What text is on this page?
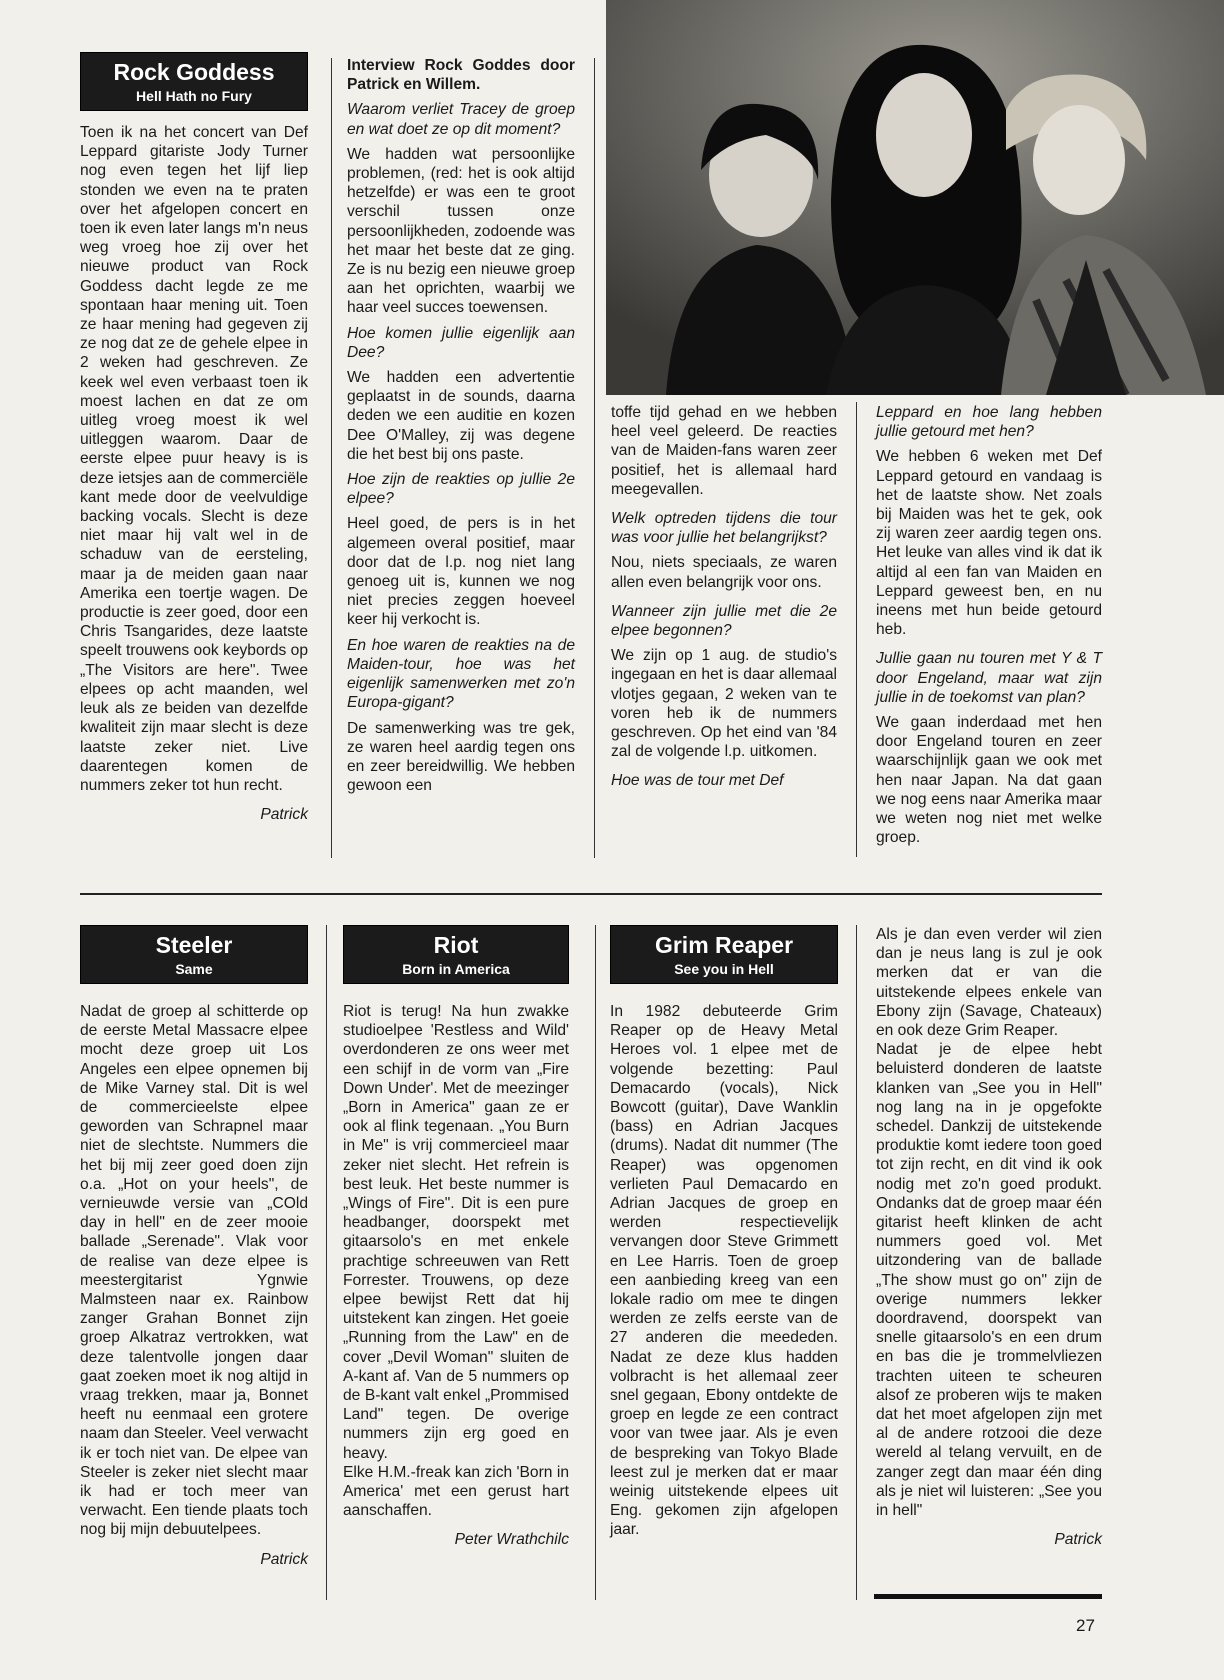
Rock Goddess
Hell Hath no Fury

Toen ik na het concert van Def Leppard gitariste Jody Turner nog even tegen het lijf liep stonden we even na te praten over het afgelopen concert en toen ik even later langs m'n neus weg vroeg hoe zij over het nieuwe product van Rock Goddess dacht legde ze me spontaan haar mening uit. Toen ze haar mening had gegeven zij ze nog dat ze de gehele elpee in 2 weken had geschreven. Ze keek wel even verbaast toen ik moest lachen en dat ze om uitleg vroeg moest ik wel uitleggen waarom. Daar de eerste elpee puur heavy is is deze ietsjes aan de commerciële kant mede door de veelvuldige backing vocals. Slecht is deze niet maar hij valt wel in de schaduw van de eersteling, maar ja de meiden gaan naar Amerika een toertje wagen. De productie is zeer goed, door een Chris Tsangarides, deze laatste speelt trouwens ook keybords op „The Visitors are here". Twee elpees op acht maanden, wel leuk als ze beiden van dezelfde kwaliteit zijn maar slecht is deze laatste zeker niet. Live daarentegen komen de nummers zeker tot hun recht.

Patrick

Interview Rock Goddes door Patrick en Willem.

Waarom verliet Tracey de groep en wat doet ze op dit moment?

We hadden wat persoonlijke problemen, (red: het is ook altijd hetzelfde) er was een te groot verschil tussen onze persoonlijkheden, zodoende was het maar het beste dat ze ging. Ze is nu bezig een nieuwe groep aan het oprichten, waarbij we haar veel succes toewensen.

Hoe komen jullie eigenlijk aan Dee?

We hadden een advertentie geplaatst in de sounds, daarna deden we een auditie en kozen Dee O'Malley, zij was degene die het best bij ons paste.

Hoe zijn de reakties op jullie 2e elpee?

Heel goed, de pers is in het algemeen overal positief, maar door dat de l.p. nog niet lang genoeg uit is, kunnen we nog niet precies zeggen hoeveel keer hij verkocht is.

En hoe waren de reakties na de Maiden-tour, hoe was het eigenlijk samenwerken met zo'n Europa-gigant?

De samenwerking was tre gek, ze waren heel aardig tegen ons en zeer bereidwillig. We hebben gewoon een

toffe tijd gehad en we hebben heel veel geleerd. De reacties van de Maiden-fans waren zeer positief, het is allemaal hard meegevallen.

Welk optreden tijdens die tour was voor jullie het belangrijkst?

Nou, niets speciaals, ze waren allen even belangrijk voor ons.

Wanneer zijn jullie met die 2e elpee begonnen?

We zijn op 1 aug. de studio's ingegaan en het is daar allemaal vlotjes gegaan, 2 weken van te voren heb ik de nummers geschreven. Op het eind van '84 zal de volgende l.p. uitkomen.

Hoe was de tour met Def

Leppard en hoe lang hebben jullie getourd met hen?

We hebben 6 weken met Def Leppard getourd en vandaag is het de laatste show. Net zoals bij Maiden was het te gek, ook zij waren zeer aardig tegen ons. Het leuke van alles vind ik dat ik altijd al een fan van Maiden en Leppard geweest ben, en nu ineens met hun beide getourd heb.

Jullie gaan nu touren met Y & T door Engeland, maar wat zijn jullie in de toekomst van plan?

We gaan inderdaad met hen door Engeland touren en zeer waarschijnlijk gaan we ook met hen naar Japan. Na dat gaan we nog eens naar Amerika maar we weten nog niet met welke groep.

Steeler
Same

Nadat de groep al schitterde op de eerste Metal Massacre elpee mocht deze groep uit Los Angeles een elpee opnemen bij de Mike Varney stal. Dit is wel de commercieelste elpee geworden van Schrapnel maar niet de slechtste. Nummers die het bij mij zeer goed doen zijn o.a. „Hot on your heels", de vernieuwde versie van „COld day in hell" en de zeer mooie ballade „Serenade". Vlak voor de realise van deze elpee is meestergitarist Ygnwie Malmsteen naar ex. Rainbow zanger Grahan Bonnet zijn groep Alkatraz vertrokken, wat deze talentvolle jongen daar gaat zoeken moet ik nog altijd in vraag trekken, maar ja, Bonnet heeft nu eenmaal een grotere naam dan Steeler. Veel verwacht ik er toch niet van. De elpee van Steeler is zeker niet slecht maar ik had er toch meer van verwacht. Een tiende plaats toch nog bij mijn debuutelpees.

Patrick
Riot
Born in America

Riot is terug! Na hun zwakke studioelpee 'Restless and Wild' overdonderen ze ons weer met een schijf in de vorm van „Fire Down Under'. Met de meezinger „Born in America" gaan ze er ook al flink tegenaan. „You Burn in Me" is vrij commercieel maar zeker niet slecht. Het refrein is best leuk. Het beste nummer is „Wings of Fire". Dit is een pure headbanger, doorspekt met gitaarsolo's en met enkele prachtige schreeuwen van Rett Forrester. Trouwens, op deze elpee bewijst Rett dat hij uitstekent kan zingen. Het goeie „Running from the Law" en de cover „Devil Woman" sluiten de A-kant af. Van de 5 nummers op de B-kant valt enkel „Prommised Land" tegen. De overige nummers zijn erg goed en heavy.

Elke H.M.-freak kan zich 'Born in America' met een gerust hart aanschaffen.

Peter Wrathchilc
Grim Reaper
See you in Hell

In 1982 debuteerde Grim Reaper op de Heavy Metal Heroes vol. 1 elpee met de volgende bezetting: Paul Demacardo (vocals), Nick Bowcott (guitar), Dave Wanklin (bass) en Adrian Jacques (drums). Nadat dit nummer (The Reaper) was opgenomen verlieten Paul Demacardo en Adrian Jacques de groep en werden respectievelijk vervangen door Steve Grimmett en Lee Harris. Toen de groep een aanbieding kreeg van een lokale radio om mee te dingen werden ze zelfs eerste van de 27 anderen die meededen. Nadat ze deze klus hadden volbracht is het allemaal zeer snel gegaan, Ebony ontdekte de groep en legde ze een contract voor van twee jaar. Als je even de bespreking van Tokyo Blade leest zul je merken dat er maar weinig uitstekende elpees uit Eng. gekomen zijn afgelopen jaar.

Als je dan even verder wil zien dan je neus lang is zul je ook merken dat er van die uitstekende elpees enkele van Ebony zijn (Savage, Chateaux) en ook deze Grim Reaper.

Nadat je de elpee hebt beluisterd donderen de laatste klanken van „See you in Hell" nog lang na in je opgefokte schedel. Dankzij de uitstekende produktie komt iedere toon goed tot zijn recht, en dit vind ik ook nodig met zo'n goed produkt. Ondanks dat de groep maar één gitarist heeft klinken de acht nummers goed vol. Met uitzondering van de ballade „The show must go on" zijn de overige nummers lekker doordravend, doorspekt van snelle gitaarsolo's en een drum en bas die je trommelvliezen trachten uiteen te scheuren alsof ze proberen wijs te maken dat het moet afgelopen zijn met al de andere rotzooi die deze wereld al telang vervuilt, en de zanger zegt dan maar één ding als je niet wil luisteren: „See you in hell"

Patrick
27
